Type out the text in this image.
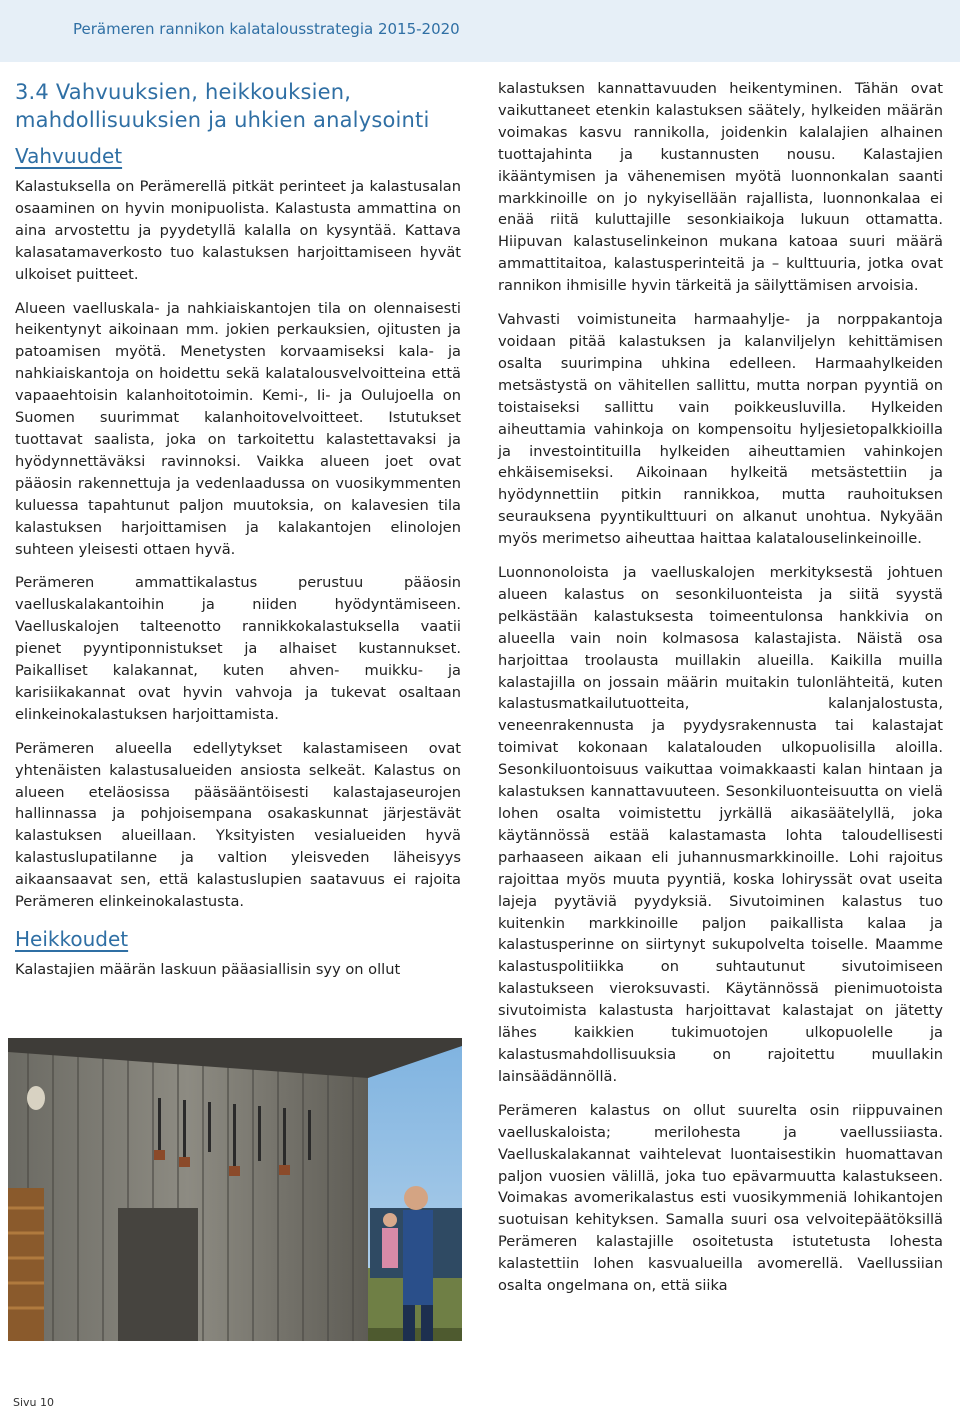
Perämeren rannikon kalatalousstrategia 2015-2020
3.4 Vahvuuksien, heikkouksien, mahdollisuuksien ja uhkien analysointi
Vahvuudet

Kalastuksella on Perämerellä pitkät perinteet ja kalastusalan osaaminen on hyvin monipuolista. Kalastusta ammattina on aina arvostettu ja pyydetyllä kalalla on kysyntää. Kattava kalasatamaverkosto tuo kalastuksen harjoittamiseen hyvät ulkoiset puitteet.

Alueen vaelluskala- ja nahkiaiskantojen tila on olennaisesti heikentynyt aikoinaan mm. jokien perkauksien, ojitusten ja patoamisen myötä. Menetysten korvaamiseksi kala- ja nahkiaiskantoja on hoidettu sekä kalatalousvelvoitteina että vapaaehtoisin kalanhoitotoimin. Kemi-, Ii- ja Oulujoella on Suomen suurimmat kalanhoitovelvoitteet. Istutukset tuottavat saalista, joka on tarkoitettu kalastettavaksi ja hyödynnettäväksi ravinnoksi. Vaikka alueen joet ovat pääosin rakennettuja ja vedenlaadussa on vuosikymmenten kuluessa tapahtunut paljon muutoksia, on kalavesien tila kalastuksen harjoittamisen ja kalakantojen elinolojen suhteen yleisesti ottaen hyvä.

Perämeren ammattikalastus perustuu pääosin vaelluskalakantoihin ja niiden hyödyntämiseen. Vaelluskalojen talteenotto rannikkokalastuksella vaatii pienet pyyntiponnistukset ja alhaiset kustannukset. Paikalliset kalakannat, kuten ahven- muikku- ja karisiikakannat ovat hyvin vahvoja ja tukevat osaltaan elinkeinokalastuksen harjoittamista.

Perämeren alueella edellytykset kalastamiseen ovat yhtenäisten kalastusalueiden ansiosta selkeät. Kalastus on alueen eteläosissa pääsääntöisesti kalastajaseurojen hallinnassa ja pohjoisempana osakaskunnat järjestävät kalastuksen alueillaan. Yksityisten vesialueiden hyvä kalastuslupatilanne ja valtion yleisveden läheisyys aikaansaavat sen, että kalastuslupien saatavuus ei rajoita Perämeren elinkeinokalastusta.

Heikkoudet

Kalastajien määrän laskuun pääasiallisin syy on ollut

kalastuksen kannattavuuden heikentyminen. Tähän ovat vaikuttaneet etenkin kalastuksen säätely, hylkeiden määrän voimakas kasvu rannikolla, joidenkin kalalajien alhainen tuottajahinta ja kustannusten nousu. Kalastajien ikääntymisen ja vähenemisen myötä luonnonkalan saanti markkinoille on jo nykyisellään rajallista, luonnonkalaa ei enää riitä kuluttajille sesonkiaikoja lukuun ottamatta. Hiipuvan kalastuselinkeinon mukana katoaa suuri määrä ammattitaitoa, kalastusperinteitä ja – kulttuuria, jotka ovat rannikon ihmisille hyvin tärkeitä ja säilyttämisen arvoisia.

Vahvasti voimistuneita harmaahylje- ja norppakantoja voidaan pitää kalastuksen ja kalanviljelyn kehittämisen osalta suurimpina uhkina edelleen. Harmaahylkeiden metsästystä on vähitellen sallittu, mutta norpan pyyntiä on toistaiseksi sallittu vain poikkeusluvilla. Hylkeiden aiheuttamia vahinkoja on kompensoitu hyljesietopalkkioilla ja investointituilla hylkeiden aiheuttamien vahinkojen ehkäisemiseksi. Aikoinaan hylkeitä metsästettiin ja hyödynnettiin pitkin rannikkoa, mutta rauhoituksen seurauksena pyyntikulttuuri on alkanut unohtua. Nykyään myös merimetso aiheuttaa haittaa kalatalouselinkeinoille.

Luonnonoloista ja vaelluskalojen merkityksestä johtuen alueen kalastus on sesonkiluonteista ja siitä syystä pelkästään kalastuksesta toimeentulonsa hankkivia on alueella vain noin kolmasosa kalastajista. Näistä osa harjoittaa troolausta muillakin alueilla. Kaikilla muilla kalastajilla on jossain määrin muitakin tulonlähteitä, kuten kalastusmatkailutuotteita, kalanjalostusta, veneenrakennusta ja pyydysrakennusta tai kalastajat toimivat kokonaan kalatalouden ulkopuolisilla aloilla. Sesonkiluontoisuus vaikuttaa voimakkaasti kalan hintaan ja kalastuksen kannattavuuteen. Sesonkiluonteisuutta on vielä lohen osalta voimistettu jyrkällä aikasäätelyllä, joka käytännössä estää kalastamasta lohta taloudellisesti parhaaseen aikaan eli juhannusmarkkinoille. Lohi rajoitus rajoittaa myös muuta pyyntiä, koska lohiryssät ovat useita lajeja pyytäviä pyydyksiä. Sivutoiminen kalastus tuo kuitenkin markkinoille paljon paikallista kalaa ja kalastusperinne on siirtynyt sukupolvelta toiselle. Maamme kalastuspolitiikka on suhtautunut sivutoimiseen kalastukseen vieroksuvasti. Käytännössä pienimuotoista sivutoimista kalastusta harjoittavat kalastajat on jätetty lähes kaikkien tukimuotojen ulkopuolelle ja kalastusmahdollisuuksia on rajoitettu muullakin lainsäädännöllä.

Perämeren kalastus on ollut suurelta osin riippuvainen vaelluskaloista; merilohesta ja vaellussiiasta. Vaelluskalakannat vaihtelevat luontaisestikin huomattavan paljon vuosien välillä, joka tuo epävarmuutta kalastukseen. Voimakas avomerikalastus esti vuosikymmeniä lohikantojen suotuisan kehityksen. Samalla suuri osa velvoitepäätöksillä Perämeren kalastajille osoitetusta istutetusta lohesta kalastettiin lohen kasvualueilla avomerellä. Vaellussiian osalta ongelmana on, että siika

Sivu 10
